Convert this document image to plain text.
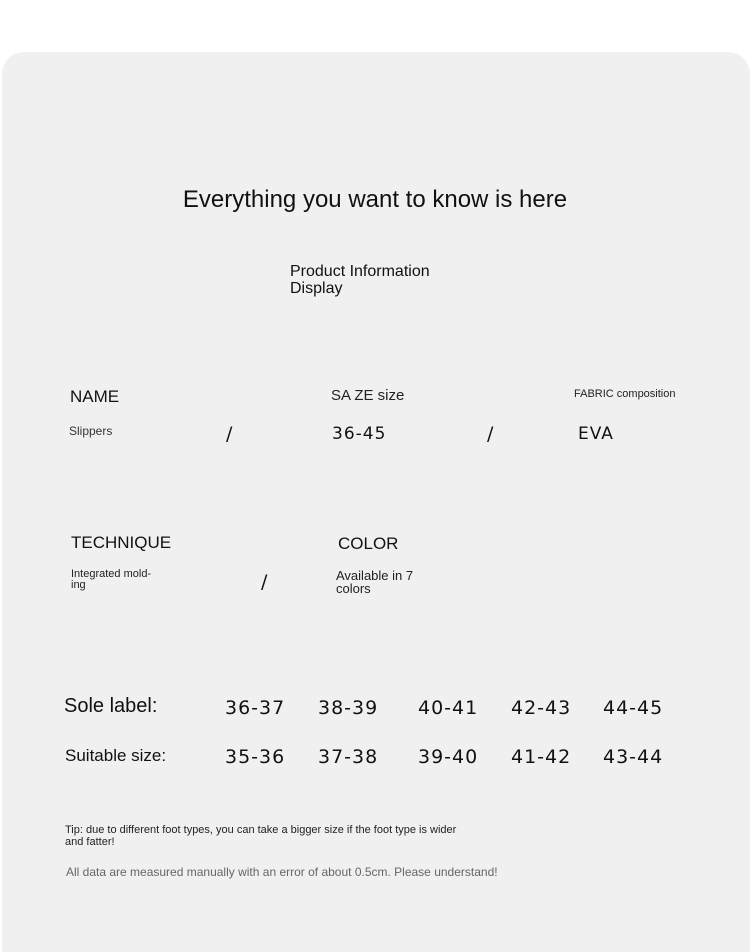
Everything you want to know is here
Product Information Display
NAME
Slippers	/
SA ZE size
36-45	/
FABRIC composition
EVA
TECHNIQUE
Integrated mold-ing	/
COLOR
Available in 7 colors
Sole label:	36-37 38-39 40-41 42-43 44-45
Suitable size:	35-36 37-38 39-40 41-42 43-44
Tip: due to different foot types, you can take a bigger size if the foot type is wider and fatter!
All data are measured manually with an error of about 0.5cm. Please understand!
